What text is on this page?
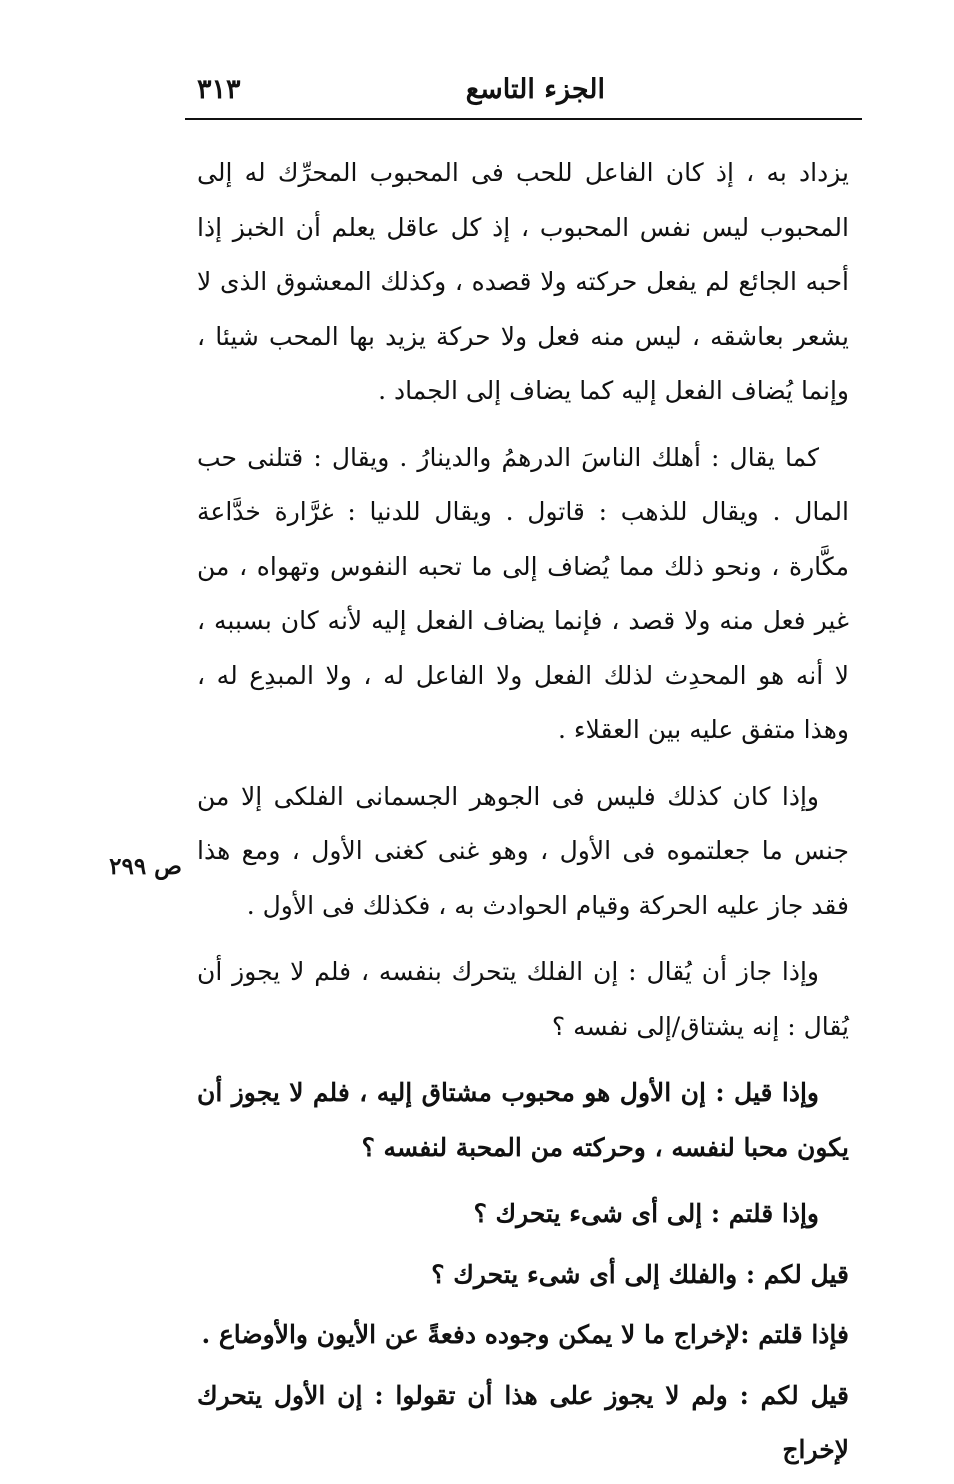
الجزء التاسع
٣١٣
ص ٢٩٩

يزداد به ، إذ كان الفاعل للحب فى المحبوب المحرِّك له إلى المحبوب ليس نفس المحبوب ، إذ كل عاقل يعلم أن الخبز إذا أحبه الجائع لم يفعل حركته ولا قصده ، وكذلك المعشوق الذى لا يشعر بعاشقه ، ليس منه فعل ولا حركة يزيد بها المحب شيئا ، وإنما يُضاف الفعل إليه كما يضاف إلى الجماد .

كما يقال : أهلك الناسَ الدرهمُ والدينارُ . ويقال : قتلنى حب المال . ويقال للذهب : قاتول . ويقال للدنيا : غرَّارة خدَّاعة مكَّارة ، ونحو ذلك مما يُضاف إلى ما تحبه النفوس وتهواه ، من غير فعل منه ولا قصد ، فإنما يضاف الفعل إليه لأنه كان بسببه ، لا أنه هو المحدِث لذلك الفعل ولا الفاعل له ، ولا المبدِع له ، وهذا متفق عليه بين العقلاء .

وإذا كان كذلك فليس فى الجوهر الجسمانى الفلكى إلا من جنس ما جعلتموه فى الأول ، وهو غنى كغنى الأول ، ومع هذا فقد جاز عليه الحركة وقيام الحوادث به ، فكذلك فى الأول .

وإذا جاز أن يُقال : إن الفلك يتحرك بنفسه ، فلم لا يجوز أن يُقال : إنه يشتاق/إلى نفسه ؟

وإذا قيل : إن الأول هو محبوب مشتاق إليه ، فلم لا يجوز أن يكون محبا لنفسه ، وحركته من المحبة لنفسه ؟

وإذا قلتم : إلى أى شىء يتحرك ؟

قيل لكم : والفلك إلى أى شىء يتحرك ؟

فإذا قلتم :لإخراج ما لا يمكن وجوده دفعةً عن الأيون والأوضاع .

قيل لكم : ولم لا يجوز على هذا أن تقولوا : إن الأول يتحرك لإخراج
